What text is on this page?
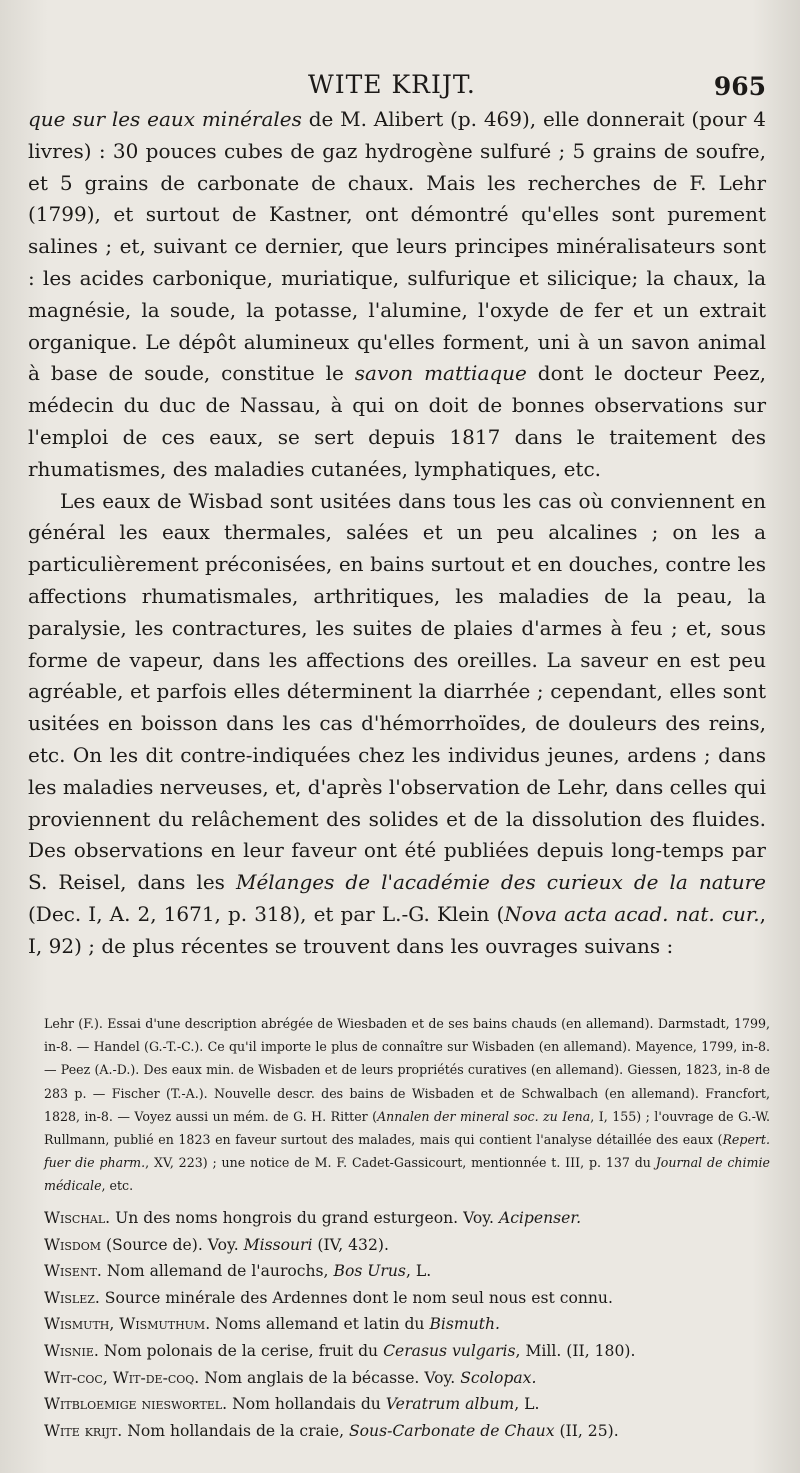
WITE KRIJT.	965

que sur les eaux minérales de M. Alibert (p. 469), elle donnerait (pour 4 livres) : 30 pouces cubes de gaz hydrogène sulfuré ; 5 grains de soufre, et 5 grains de carbonate de chaux. Mais les recherches de F. Lehr (1799), et surtout de Kastner, ont démontré qu'elles sont purement salines ; et, suivant ce dernier, que leurs principes minéralisateurs sont : les acides carbonique, muriatique, sulfurique et silicique; la chaux, la magnésie, la soude, la potasse, l'alumine, l'oxyde de fer et un extrait organique. Le dépôt alumineux qu'elles forment, uni à un savon animal à base de soude, constitue le savon mattiaque dont le docteur Peez, médecin du duc de Nassau, à qui on doit de bonnes observations sur l'emploi de ces eaux, se sert depuis 1817 dans le traitement des rhumatismes, des maladies cutanées, lymphatiques, etc.

Les eaux de Wisbad sont usitées dans tous les cas où conviennent en général les eaux thermales, salées et un peu alcalines ; on les a particulièrement préconisées, en bains surtout et en douches, contre les affections rhumatismales, arthritiques, les maladies de la peau, la paralysie, les contractures, les suites de plaies d'armes à feu ; et, sous forme de vapeur, dans les affections des oreilles. La saveur en est peu agréable, et parfois elles déterminent la diarrhée ; cependant, elles sont usitées en boisson dans les cas d'hémorrhoïdes, de douleurs des reins, etc. On les dit contre-indiquées chez les individus jeunes, ardens ; dans les maladies nerveuses, et, d'après l'observation de Lehr, dans celles qui proviennent du relâchement des solides et de la dissolution des fluides. Des observations en leur faveur ont été publiées depuis long-temps par S. Reisel, dans les Mélanges de l'académie des curieux de la nature (Dec. I, A. 2, 1671, p. 318), et par L.-G. Klein (Nova acta acad. nat. cur., I, 92) ; de plus récentes se trouvent dans les ouvrages suivans :

Lehr (F.). Essai d'une description abrégée de Wiesbaden et de ses bains chauds (en allemand). Darmstadt, 1799, in-8. — Handel (G.-T.-C.). Ce qu'il importe le plus de connaître sur Wisbaden (en allemand). Mayence, 1799, in-8. — Peez (A.-D.). Des eaux min. de Wisbaden et de leurs propriétés curatives (en allemand). Giessen, 1823, in-8 de 283 p. — Fischer (T.-A.). Nouvelle descr. des bains de Wisbaden et de Schwalbach (en allemand). Francfort, 1828, in-8. — Voyez aussi un mém. de G. H. Ritter (Annalen der mineral soc. zu Iena, I, 155) ; l'ouvrage de G.-W. Rullmann, publié en 1823 en faveur surtout des malades, mais qui contient l'analyse détaillée des eaux (Repert. fuer die pharm., XV, 223) ; une notice de M. F. Cadet-Gassicourt, mentionnée t. III, p. 137 du Journal de chimie médicale, etc.

Wischal. Un des noms hongrois du grand esturgeon. Voy. Acipenser.
Wisdom (Source de). Voy. Missouri (IV, 432).
Wisent. Nom allemand de l'aurochs, Bos Urus, L.
Wislez. Source minérale des Ardennes dont le nom seul nous est connu.
Wismuth, Wismuthum. Noms allemand et latin du Bismuth.
Wisnie. Nom polonais de la cerise, fruit du Cerasus vulgaris, Mill. (II, 180).
Wit-coc, Wit-de-coq. Nom anglais de la bécasse. Voy. Scolopax.
Witbloemige nieswortel. Nom hollandais du Veratrum album, L.
Wite krijt. Nom hollandais de la craie, Sous-Carbonate de Chaux (II, 25).
